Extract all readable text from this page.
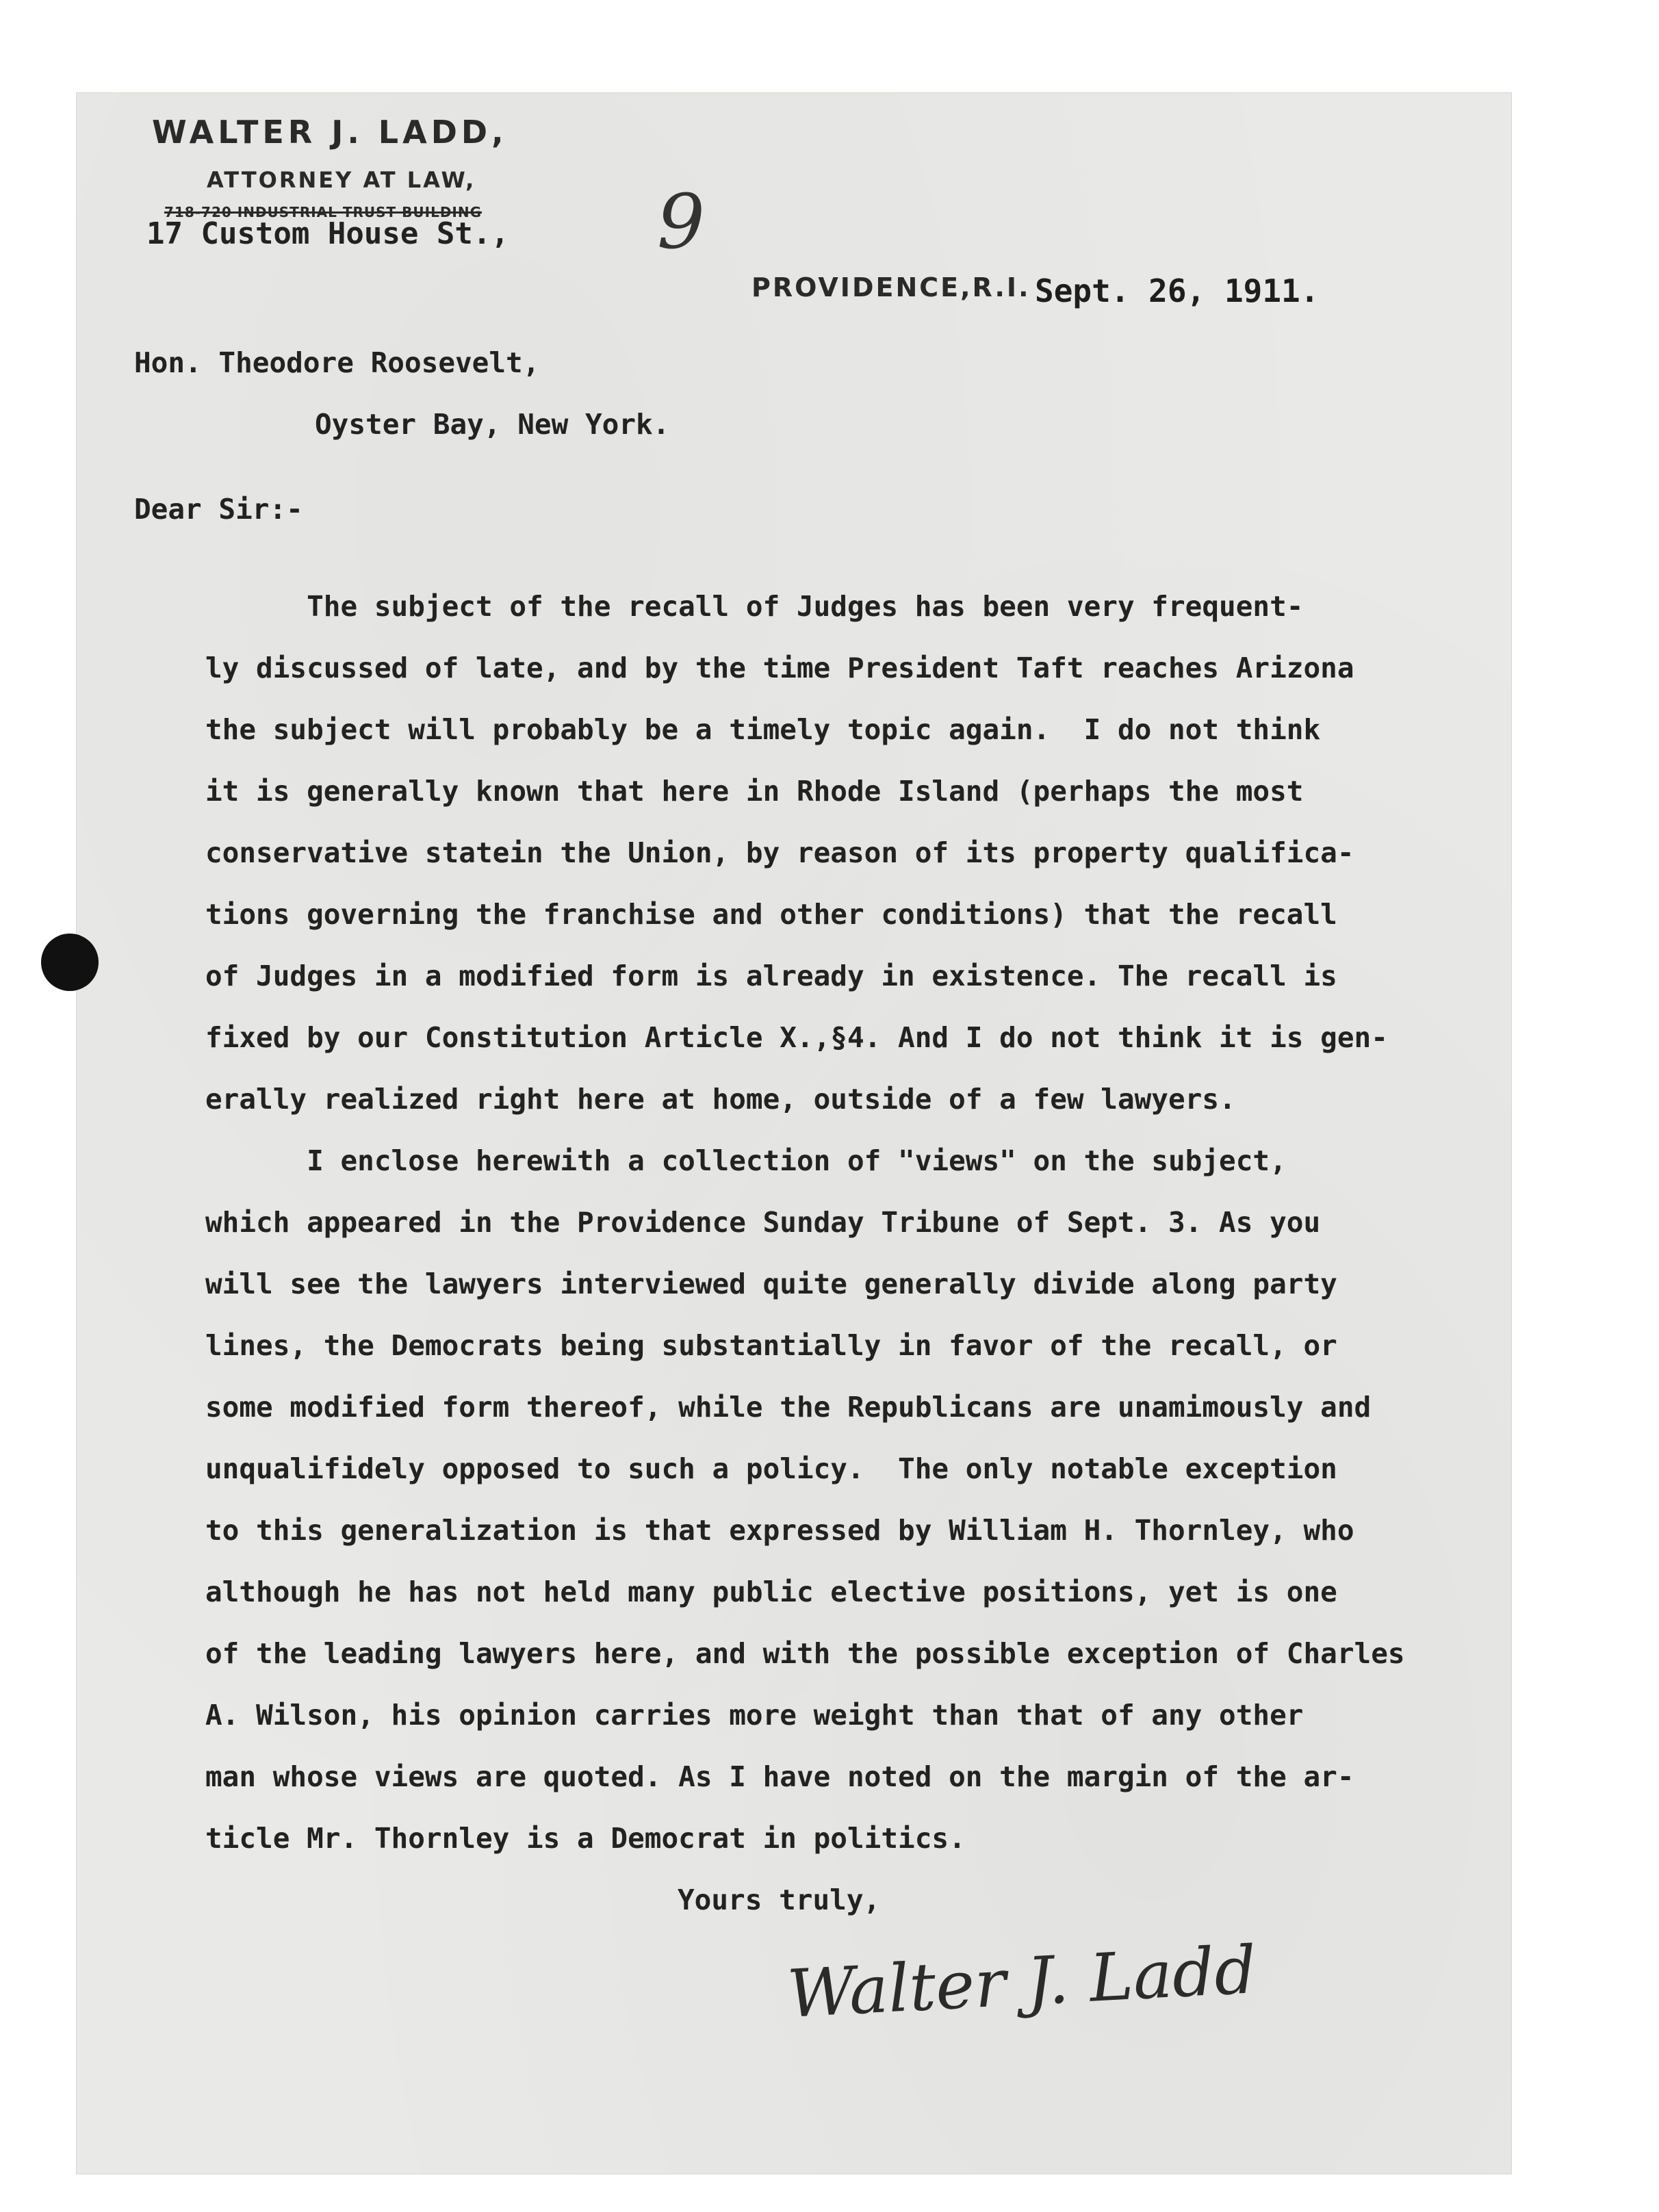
WALTER J. LADD,
ATTORNEY AT LAW,
718-720 INDUSTRIAL TRUST BUILDING
17 Custom House St., 9
PROVIDENCE,R.I. Sept. 26, 1911.
Hon. Theodore Roosevelt,
Oyster Bay, New York.
Dear Sir:-
The subject of the recall of Judges has been very frequent-
ly discussed of late, and by the time President Taft reaches Arizona
the subject will probably be a timely topic again.  I do not think
it is generally known that here in Rhode Island (perhaps the most
conservative statein the Union, by reason of its property qualifica-
tions governing the franchise and other conditions) that the recall
of Judges in a modified form is already in existence. The recall is
fixed by our Constitution Article X.,§4. And I do not think it is gen-
erally realized right here at home, outside of a few lawyers.
I enclose herewith a collection of "views" on the subject,
which appeared in the Providence Sunday Tribune of Sept. 3. As you
will see the lawyers interviewed quite generally divide along party
lines, the Democrats being substantially in favor of the recall, or
some modified form thereof, while the Republicans are unamimously and
unqualifidely opposed to such a policy.  The only notable exception
to this generalization is that expressed by William H. Thornley, who
although he has not held many public elective positions, yet is one
of the leading lawyers here, and with the possible exception of Charles
A. Wilson, his opinion carries more weight than that of any other
man whose views are quoted. As I have noted on the margin of the ar-
ticle Mr. Thornley is a Democrat in politics.
Yours truly,
Walter J. Ladd
